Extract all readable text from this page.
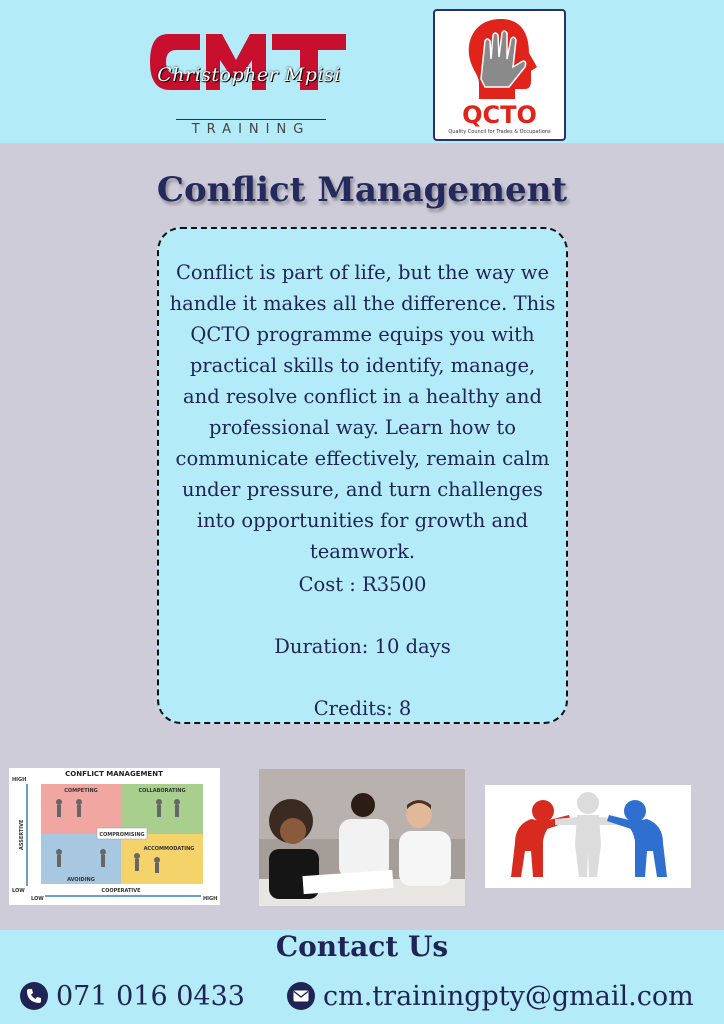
Christopher Mpisi
TRAINING
QCTO
Quality Council for Trades & Occupations
Conflict Management
Conflict is part of life, but the way we handle it makes all the difference. This QCTO programme equips you with practical skills to identify, manage, and resolve conflict in a healthy and professional way. Learn how to communicate effectively, remain calm under pressure, and turn challenges into opportunities for growth and teamwork.
Cost : R3500
Duration: 10 days
Credits: 8
CONFLICT MANAGEMENT
HIGH
LOW
ASSERTIVE
COMPETING	COLLABORATING
AVOIDING
ACCOMMODATING
COMPROMISING
COOPERATIVE
LOW	HIGH
Contact Us
071 016 0433	cm.trainingpty@gmail.com
